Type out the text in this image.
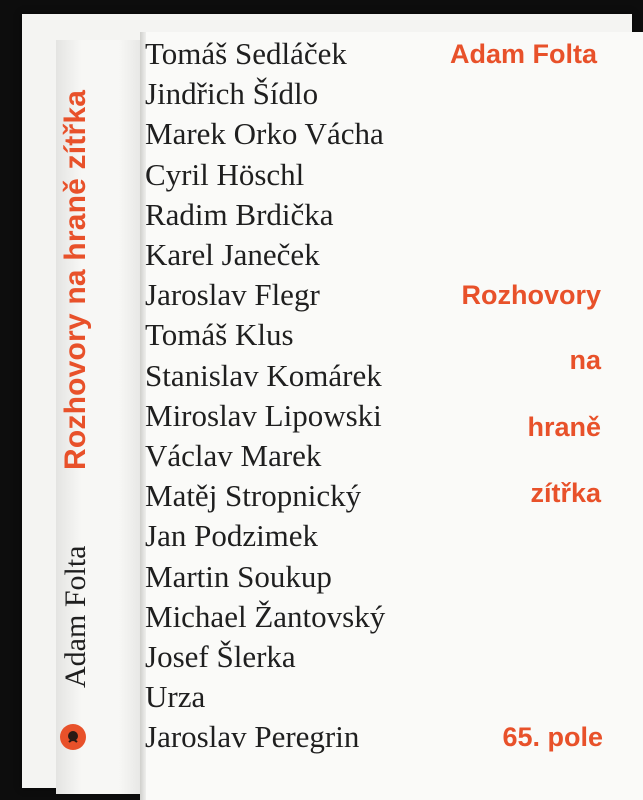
Rozhovory na hraně zítřka
Adam Folta
Tomáš Sedláček
Jindřich Šídlo
Marek Orko Vácha
Cyril Höschl
Radim Brdička
Karel Janeček
Jaroslav Flegr
Tomáš Klus
Stanislav Komárek
Miroslav Lipowski
Václav Marek
Matěj Stropnický
Jan Podzimek
Martin Soukup
Michael Žantovský
Josef Šlerka
Urza
Jaroslav Peregrin
Adam Folta
Rozhovory
na
hraně
zítřka
65. pole
